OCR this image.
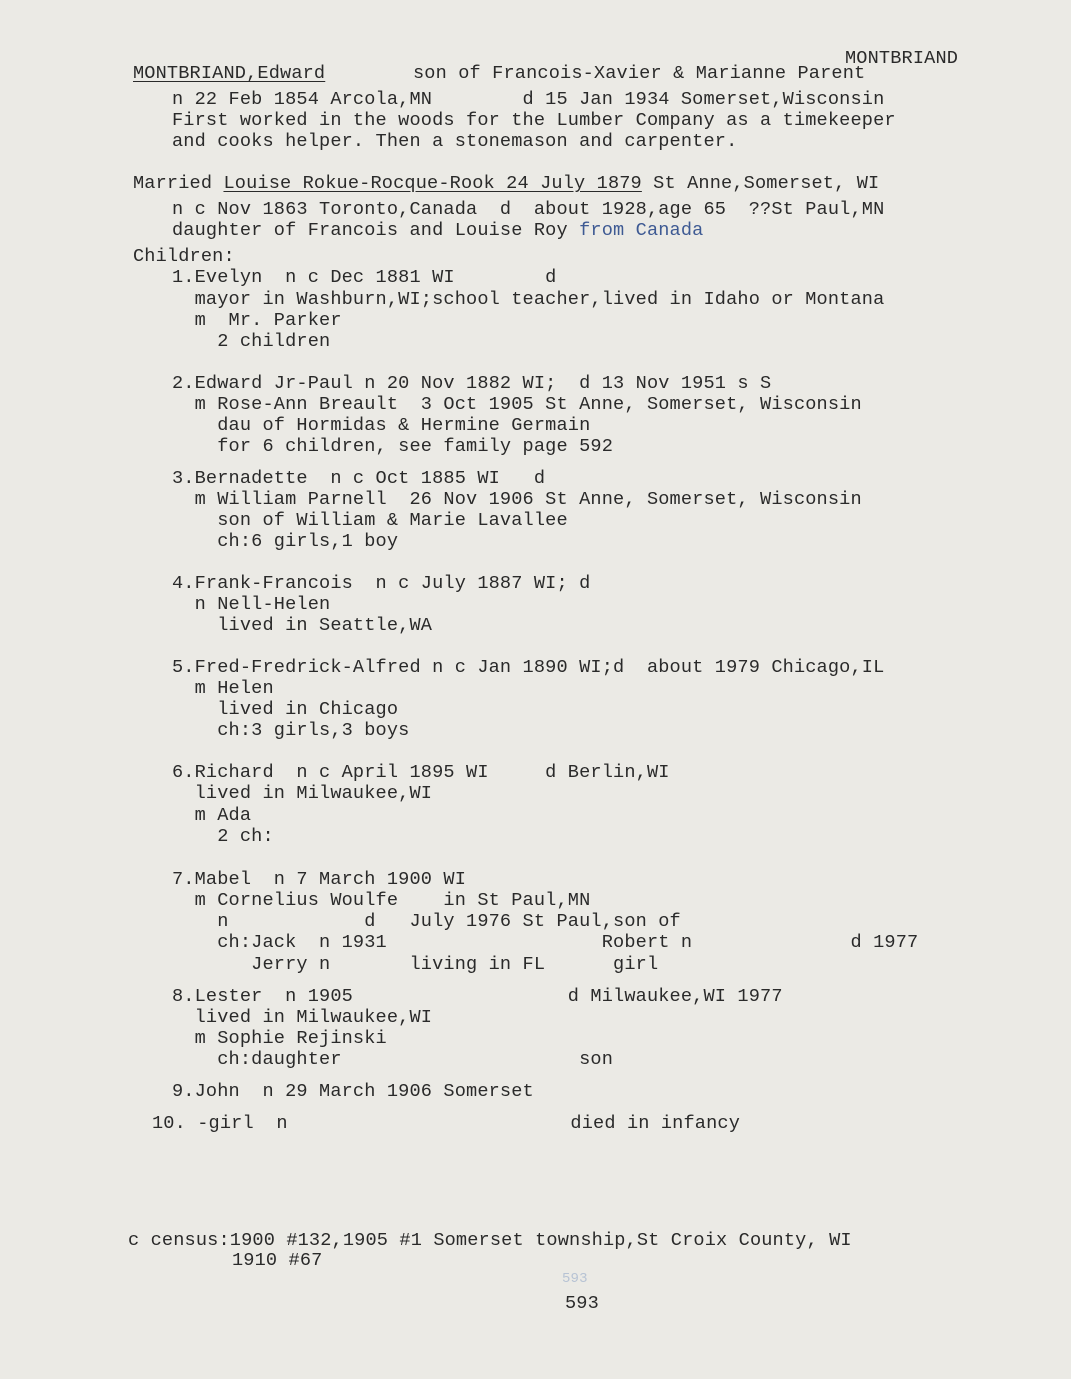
MONTBRIAND
MONTBRIAND,Edward	son of Francois-Xavier & Marianne Parent
n 22 Feb 1854 Arcola,MN        d 15 Jan 1934 Somerset,Wisconsin
First worked in the woods for the Lumber Company as a timekeeper
and cooks helper. Then a stonemason and carpenter.
Married Louise Rokue-Rocque-Rook 24 July 1879 St Anne,Somerset, WI
n c Nov 1863 Toronto,Canada  d  about 1928,age 65  ??St Paul,MN
daughter of Francois and Louise Roy from Canada
Children:
1.Evelyn  n c Dec 1881 WI        d
mayor in Washburn,WI;school teacher,lived in Idaho or Montana
m  Mr. Parker
2 children
2.Edward Jr-Paul n 20 Nov 1882 WI;  d 13 Nov 1951 s S
m Rose-Ann Breault  3 Oct 1905 St Anne, Somerset, Wisconsin
dau of Hormidas & Hermine Germain
for 6 children, see family page 592
3.Bernadette  n c Oct 1885 WI   d
m William Parnell  26 Nov 1906 St Anne, Somerset, Wisconsin
son of William & Marie Lavallee
ch:6 girls,1 boy
4.Frank-Francois  n c July 1887 WI; d
n Nell-Helen
lived in Seattle,WA
5.Fred-Fredrick-Alfred n c Jan 1890 WI;d  about 1979 Chicago,IL
m Helen
lived in Chicago
ch:3 girls,3 boys
6.Richard  n c April 1895 WI     d Berlin,WI
lived in Milwaukee,WI
m Ada
2 ch:
7.Mabel  n 7 March 1900 WI
m Cornelius Woulfe    in St Paul,MN
n            d   July 1976 St Paul,son of
ch:Jack  n 1931                   Robert n              d 1977
Jerry n       living in FL      girl
8.Lester  n 1905                   d Milwaukee,WI 1977
lived in Milwaukee,WI
m Sophie Rejinski
ch:daughter                     son
9.John  n 29 March 1906 Somerset
10. -girl  n                         died in infancy
c census:1900 #132,1905 #1 Somerset township,St Croix County, WI
1910 #67
593
593
